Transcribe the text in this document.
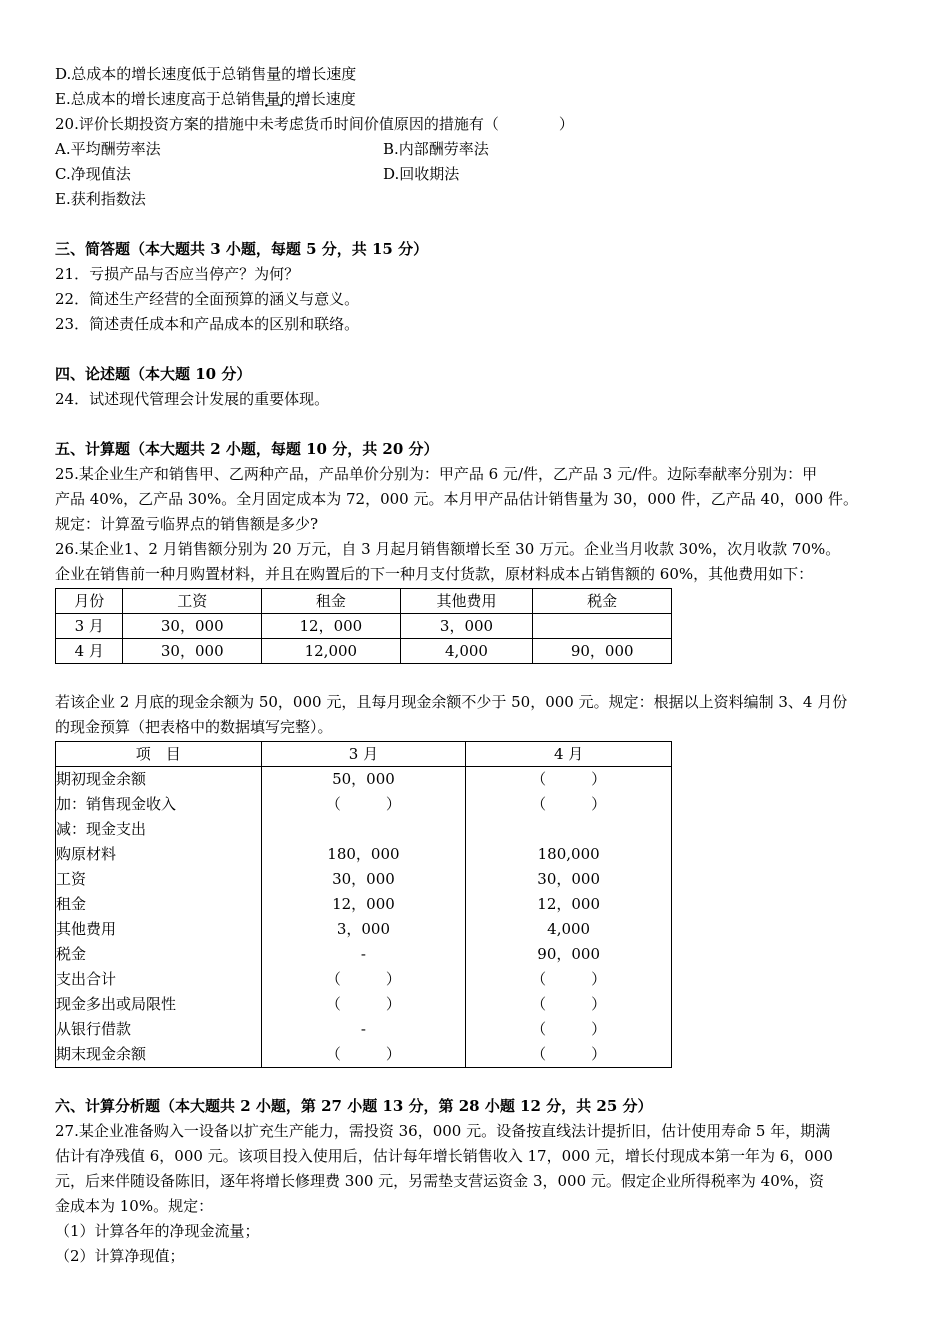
D.总成本的增长速度低于总销售量的增长速度
E.总成本的增长速度高于总销售量的增长速度
20.评价长期投资方案的措施中未考虑货币时间价值原因的措施有（	）
A.平均酬劳率法	B.内部酬劳率法
C.净现值法	D.回收期法
E.获利指数法
三、简答题（本大题共 3 小题，每题 5 分，共 15 分）
21．亏损产品与否应当停产？为何？
22．简述生产经营的全面预算的涵义与意义。
23．简述责任成本和产品成本的区别和联络。
四、论述题（本大题 10 分）
24．试述现代管理会计发展的重要体现。
五、计算题（本大题共 2 小题，每题 10 分，共 20 分）
25.某企业生产和销售甲、乙两种产品，产品单价分别为：甲产品 6 元/件，乙产品 3 元/件。边际奉献率分别为：甲
产品 40%，乙产品 30%。全月固定成本为 72，000 元。本月甲产品估计销售量为 30，000 件，乙产品 40，000 件。
规定：计算盈亏临界点的销售额是多少?
26.某企业1、2 月销售额分别为 20 万元，自 3 月起月销售额增长至 30 万元。企业当月收款 30%，次月收款 70%。
企业在销售前一种月购置材料，并且在购置后的下一种月支付货款，原材料成本占销售额的 60%，其他费用如下：
月份	工资	租金	其他费用	税金
3 月	30，000	12，000	3，000	
4 月	30，000	12,000	4,000	90，000
若该企业 2 月底的现金余额为 50，000 元，且每月现金余额不少于 50，000 元。规定：根据以上资料编制 3、4 月份
的现金预算（把表格中的数据填写完整）。
项　目	3 月	4 月
期初现金余额	50，000	（　　　）
加：销售现金收入	（　　　）	（　　　）
减：现金支出		
购原材料	180，000	180,000
工资	30，000	30，000
租金	12，000	12，000
其他费用	3，000	4,000
税金	-	90，000
支出合计	（　　　）	（　　　）
现金多出或局限性	（　　　）	（　　　）
从银行借款	-	（　　　）
期末现金余额	（　　　）	（　　　）
六、计算分析题（本大题共 2 小题，第 27 小题 13 分，第 28 小题 12 分，共 25 分）
27.某企业准备购入一设备以扩充生产能力，需投资 36，000 元。设备按直线法计提折旧，估计使用寿命 5 年，期满
估计有净残值 6，000 元。该项目投入使用后，估计每年增长销售收入 17，000 元，增长付现成本第一年为 6，000
元，后来伴随设备陈旧，逐年将增长修理费 300 元，另需垫支营运资金 3，000 元。假定企业所得税率为 40%，资
金成本为 10%。规定：
（1）计算各年的净现金流量；
（2）计算净现值；
